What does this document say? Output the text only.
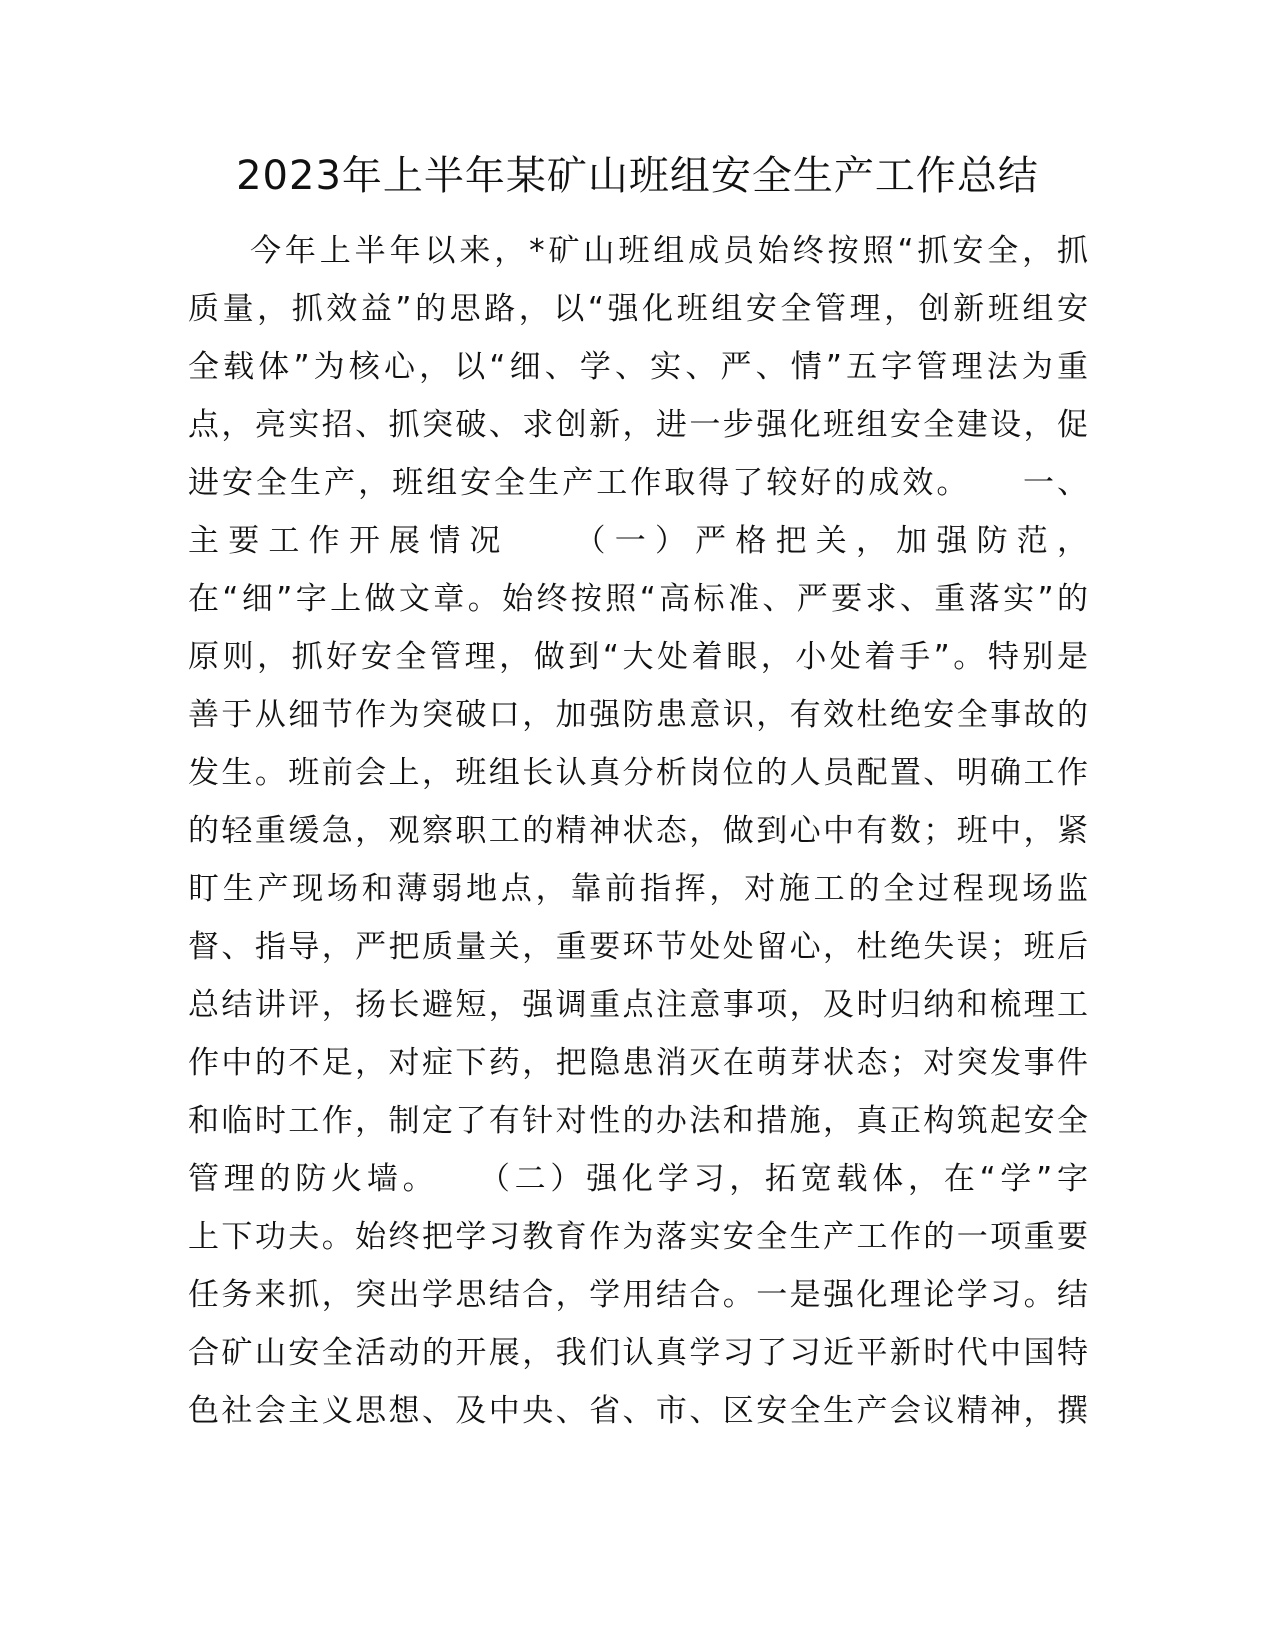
2023年上半年某矿山班组安全生产工作总结
今年上半年以来，*矿山班组成员始终按照“抓安全，抓
质量，抓效益”的思路，以“强化班组安全管理，创新班组安
全载体”为核心，以“细、学、实、严、情”五字管理法为重
点，亮实招、抓突破、求创新，进一步强化班组安全建设，促
进安全生产，班组安全生产工作取得了较好的成效。　　一、
主要工作开展情况　　（一）严格把关，加强防范，
在“细”字上做文章。始终按照“高标准、严要求、重落实”的
原则，抓好安全管理，做到“大处着眼，小处着手”。特别是
善于从细节作为突破口，加强防患意识，有效杜绝安全事故的
发生。班前会上，班组长认真分析岗位的人员配置、明确工作
的轻重缓急，观察职工的精神状态，做到心中有数；班中，紧
盯生产现场和薄弱地点，靠前指挥，对施工的全过程现场监
督、指导，严把质量关，重要环节处处留心，杜绝失误；班后
总结讲评，扬长避短，强调重点注意事项，及时归纳和梳理工
作中的不足，对症下药，把隐患消灭在萌芽状态；对突发事件
和临时工作，制定了有针对性的办法和措施，真正构筑起安全
管理的防火墙。　　（二）强化学习，拓宽载体，在“学”字
上下功夫。始终把学习教育作为落实安全生产工作的一项重要
任务来抓，突出学思结合，学用结合。一是强化理论学习。结
合矿山安全活动的开展，我们认真学习了习近平新时代中国特
色社会主义思想、及中央、省、市、区安全生产会议精神，撰
